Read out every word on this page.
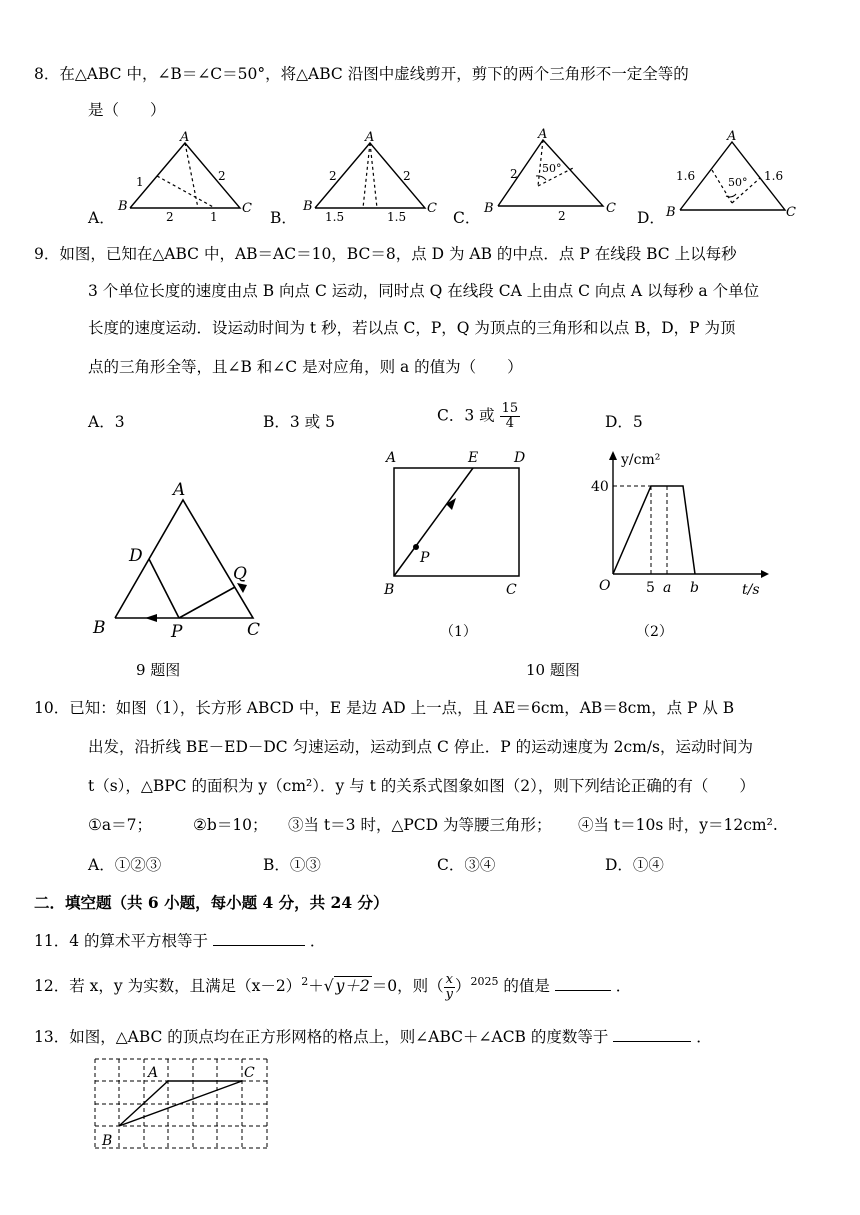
8．在△ABC 中，∠B＝∠C＝50°，将△ABC 沿图中虚线剪开，剪下的两个三角形不一定全等的
是（　　）
A．	B．	C．	D．
A
B	C
1	2
2	1
A
B	C
2	2
1.5	1.5
A
B	C
2 50°
2
A
B	C
1.6	50° 1.6
9．如图，已知在△ABC 中，AB＝AC＝10，BC＝8，点 D 为 AB 的中点．点 P 在线段 BC 上以每秒
3 个单位长度的速度由点 B 向点 C 运动，同时点 Q 在线段 CA 上由点 C 向点 A 以每秒 a 个单位
长度的速度运动．设运动时间为 t 秒，若以点 C，P，Q 为顶点的三角形和以点 B，D，P 为顶
点的三角形全等，且∠B 和∠C 是对应角，则 a 的值为（　　）
A．3	B．3 或 5	C．3 或 $\frac{15}{4}$	D．5
A
B	C
D
P
Q
9 题图
A	E	D
B	C
P
（1）
y/cm²
t/s
O
40
5 a b
（2）
10 题图
10．已知：如图（1），长方形 ABCD 中，E 是边 AD 上一点，且 AE＝6cm，AB＝8cm，点 P 从 B
出发，沿折线 BE－ED－DC 匀速运动，运动到点 C 停止．P 的运动速度为 2cm/s，运动时间为
t（s），△BPC 的面积为 y（cm²）．y 与 t 的关系式图象如图（2），则下列结论正确的有（　　）
①a＝7；	②b＝10； ③当 t＝3 时，△PCD 为等腰三角形； ④当 t＝10s 时，y＝12cm².
A．①②③	B．①③	C．③④	D．①④
二．填空题（共 6 小题，每小题 4 分，共 24 分）
11．4 的算术平方根等于	．
12．若 x，y 为实数，且满足$(x-2)^2+√$ y＋2 ＝0，则（ $\frac{x}{y} )^{2025}$ 的值是	．
13．如图，△ABC 的顶点均在正方形网格的格点上，则∠ABC＋∠ACB 的度数等于	．
A
B
C
